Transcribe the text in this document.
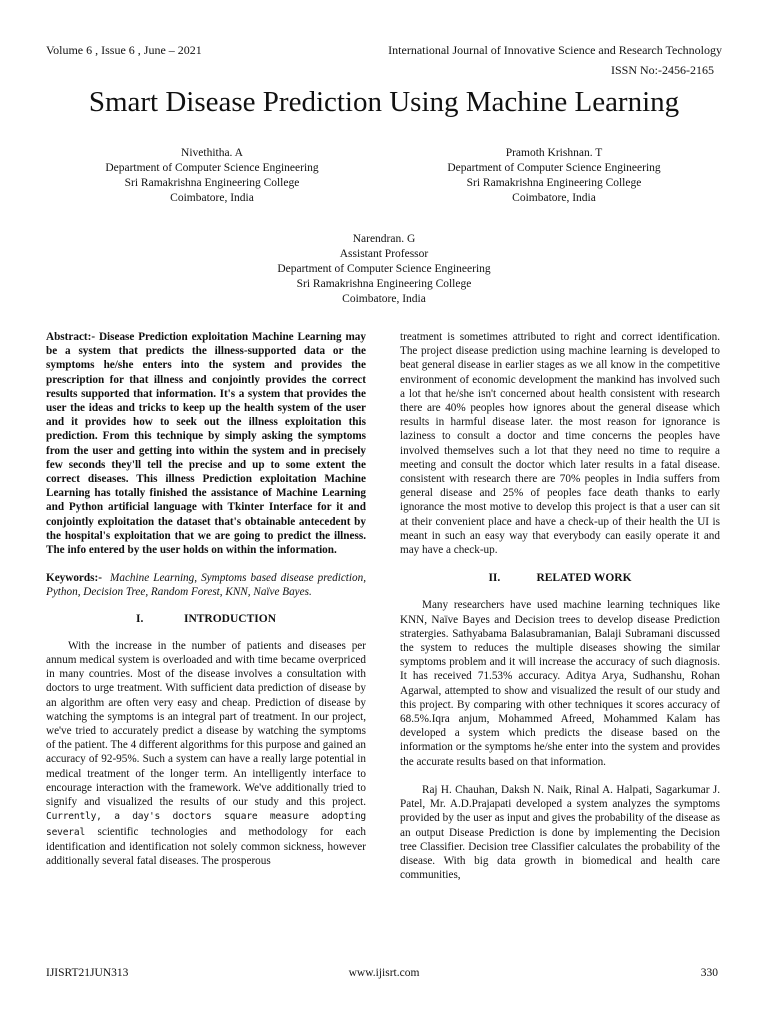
Volume 6 , Issue 6 , June – 2021	International Journal of Innovative Science and Research Technology
ISSN No:-2456-2165
Smart Disease Prediction Using Machine Learning
Nivethitha. A
Department of Computer Science Engineering
Sri Ramakrishna Engineering College
Coimbatore, India
Pramoth Krishnan. T
Department of Computer Science Engineering
Sri Ramakrishna Engineering College
Coimbatore, India
Narendran. G
Assistant Professor
Department of Computer Science Engineering
Sri Ramakrishna Engineering College
Coimbatore, India

Abstract:- Disease Prediction exploitation Machine Learning may be a system that predicts the illness-supported data or the symptoms he/she enters into the system and provides the prescription for that illness and conjointly provides the correct results supported that information. It's a system that provides the user the ideas and tricks to keep up the health system of the user and it provides how to seek out the illness exploitation this prediction. From this technique by simply asking the symptoms from the user and getting into within the system and in precisely few seconds they'll tell the precise and up to some extent the correct diseases. This illness Prediction exploitation Machine Learning has totally finished the assistance of Machine Learning and Python artificial language with Tkinter Interface for it and conjointly exploitation the dataset that's obtainable antecedent by the hospital's exploitation that we are going to predict the illness. The info entered by the user holds on within the information.

Keywords:- Machine Learning, Symptoms based disease prediction, Python, Decision Tree, Random Forest, KNN, Naïve Bayes.

I.	INTRODUCTION

With the increase in the number of patients and diseases per annum medical system is overloaded and with time became overpriced in many countries. Most of the disease involves a consultation with doctors to urge treatment. With sufficient data prediction of disease by an algorithm are often very easy and cheap. Prediction of disease by watching the symptoms is an integral part of treatment. In our project, we've tried to accurately predict a disease by watching the symptoms of the patient. The 4 different algorithms for this purpose and gained an accuracy of 92-95%. Such a system can have a really large potential in medical treatment of the longer term. An intelligently interface to encourage interaction with the framework. We've additionally tried to signify and visualized the results of our study and this project. Currently, a day's doctors square measure adopting several scientific technologies and methodology for each identification and identification not solely common sickness, however additionally several fatal diseases. The prosperous

treatment is sometimes attributed to right and correct identification. The project disease prediction using machine learning is developed to beat general disease in earlier stages as we all know in the competitive environment of economic development the mankind has involved such a lot that he/she isn't concerned about health consistent with research there are 40% peoples how ignores about the general disease which results in harmful disease later. the most reason for ignorance is laziness to consult a doctor and time concerns the peoples have involved themselves such a lot that they need no time to require a meeting and consult the doctor which later results in a fatal disease. consistent with research there are 70% peoples in India suffers from general disease and 25% of peoples face death thanks to early ignorance the most motive to develop this project is that a user can sit at their convenient place and have a check-up of their health the UI is meant in such an easy way that everybody can easily operate it and may have a check-up.

II.	RELATED WORK

Many researchers have used machine learning techniques like KNN, Naïve Bayes and Decision trees to develop disease Prediction stratergies. Sathyabama Balasubramanian, Balaji Subramani discussed the system to reduces the multiple diseases showing the similar symptoms problem and it will increase the accuracy of such diagnosis. It has received 71.53% accuracy. Aditya Arya, Sudhanshu, Rohan Agarwal, attempted to show and visualized the result of our study and this project. By comparing with other techniques it scores accuracy of 68.5%.Iqra anjum, Mohammed Afreed, Mohammed Kalam has developed a system which predicts the disease based on the information or the symptoms he/she enter into the system and provides the accurate results based on that information.

Raj H. Chauhan, Daksh N. Naik, Rinal A. Halpati, Sagarkumar J. Patel, Mr. A.D.Prajapati developed a system analyzes the symptoms provided by the user as input and gives the probability of the disease as an output Disease Prediction is done by implementing the Decision tree Classifier. Decision tree Classifier calculates the probability of the disease. With big data growth in biomedical and health care communities,

IJISRT21JUN313	www.ijisrt.com	330
